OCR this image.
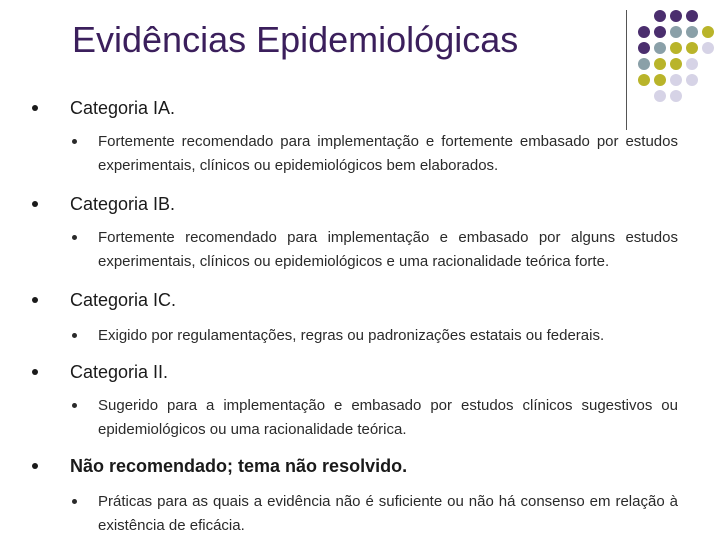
Evidências Epidemiológicas
Categoria IA.
Fortemente recomendado para implementação e fortemente embasado por estudos experimentais, clínicos ou epidemiológicos bem elaborados.
Categoria IB.
Fortemente recomendado para implementação e embasado por alguns estudos experimentais, clínicos ou epidemiológicos e uma racionalidade teórica forte.
Categoria IC.
Exigido por regulamentações, regras ou padronizações estatais ou federais.
Categoria II.
Sugerido para a implementação e embasado por estudos clínicos sugestivos ou epidemiológicos ou uma racionalidade teórica.
Não recomendado; tema não resolvido.
Práticas para as quais a evidência não é suficiente ou não há consenso em relação à existência de eficácia.
